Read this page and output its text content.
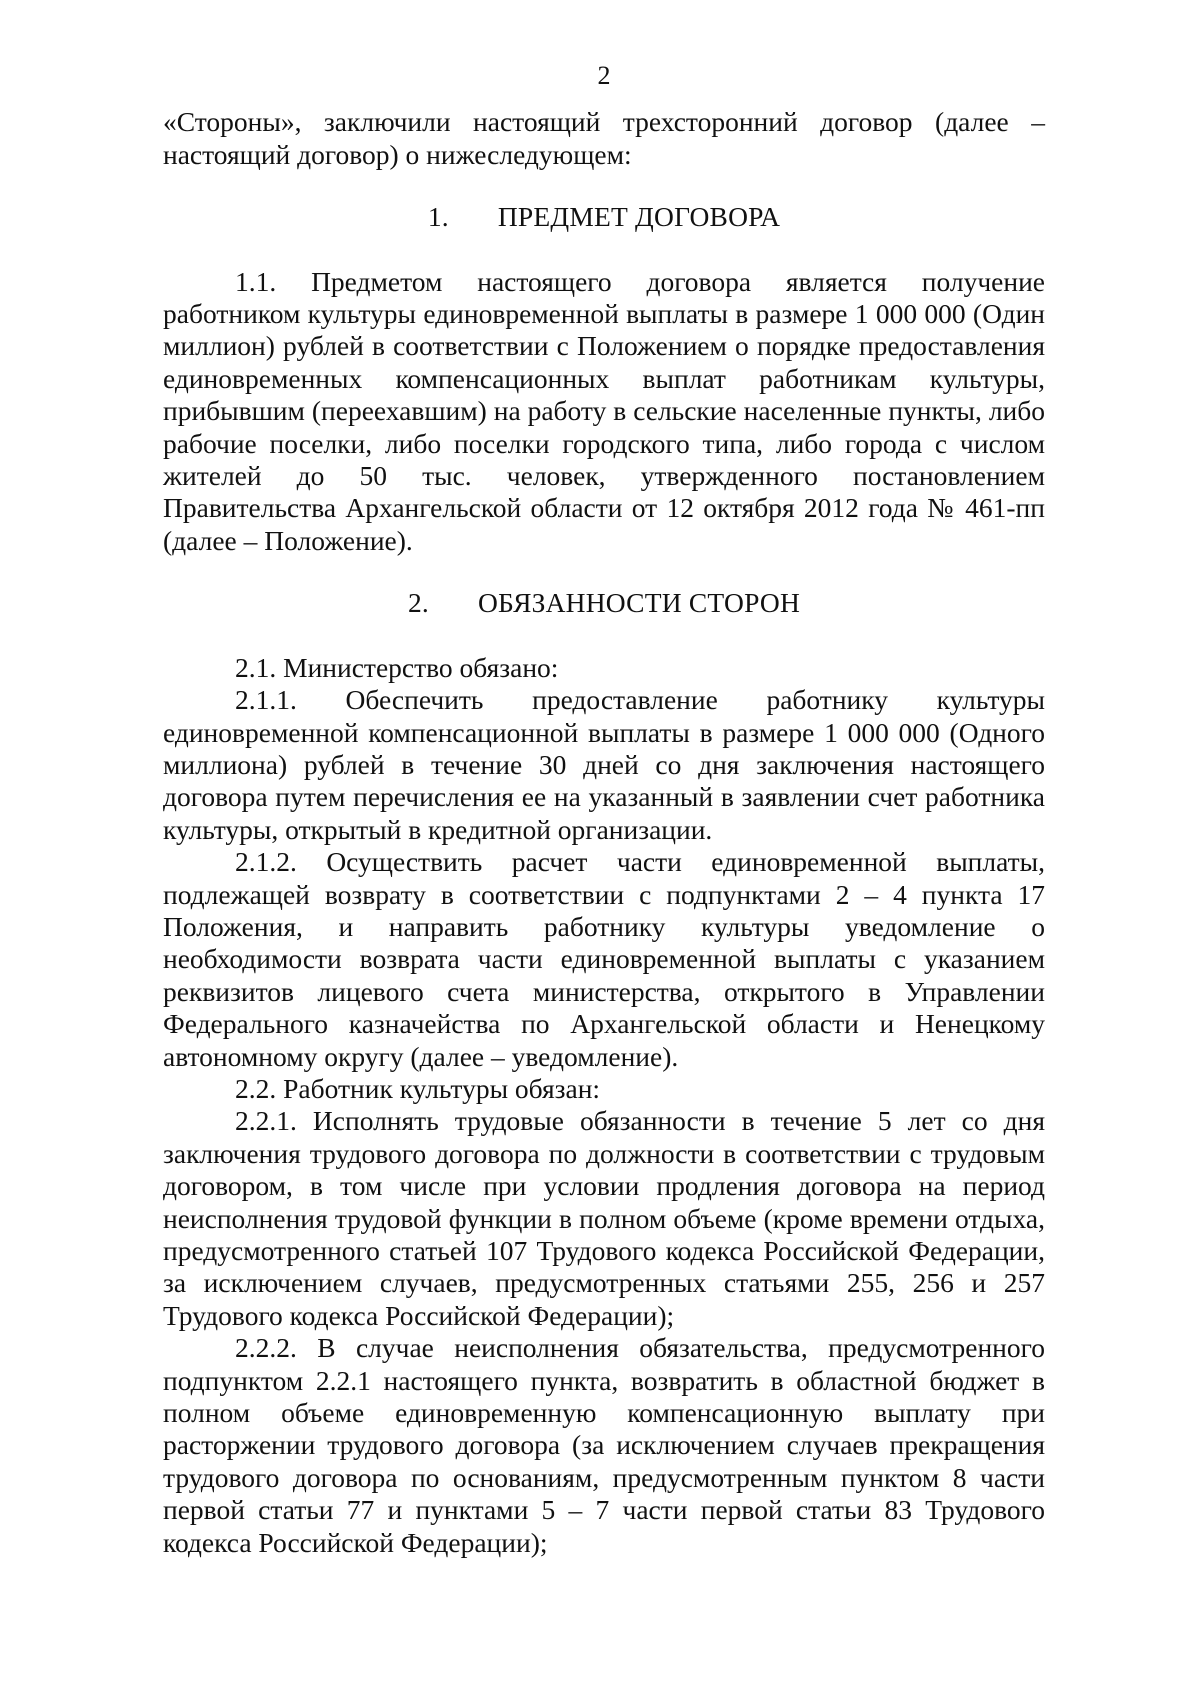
2

«Стороны», заключили настоящий трехсторонний договор (далее – настоящий договор) о нижеследующем:

1. ПРЕДМЕТ ДОГОВОРА

1.1. Предметом настоящего договора является получение работником культуры единовременной выплаты в размере 1 000 000 (Один миллион) рублей в соответствии с Положением о порядке предоставления единовременных компенсационных выплат работникам культуры, прибывшим (переехавшим) на работу в сельские населенные пункты, либо рабочие поселки, либо поселки городского типа, либо города с числом жителей до 50 тыс. человек, утвержденного постановлением Правительства Архангельской области от 12 октября 2012 года № 461-пп (далее – Положение).

2. ОБЯЗАННОСТИ СТОРОН

2.1. Министерство обязано:

2.1.1. Обеспечить предоставление работнику культуры единовременной компенсационной выплаты в размере 1 000 000 (Одного миллиона) рублей в течение 30 дней со дня заключения настоящего договора путем перечисления ее на указанный в заявлении счет работника культуры, открытый в кредитной организации.

2.1.2. Осуществить расчет части единовременной выплаты, подлежащей возврату в соответствии с подпунктами 2 – 4 пункта 17 Положения, и направить работнику культуры уведомление о необходимости возврата части единовременной выплаты с указанием реквизитов лицевого счета министерства, открытого в Управлении Федерального казначейства по Архангельской области и Ненецкому автономному округу (далее – уведомление).

2.2. Работник культуры обязан:

2.2.1. Исполнять трудовые обязанности в течение 5 лет со дня заключения трудового договора по должности в соответствии с трудовым договором, в том числе при условии продления договора на период неисполнения трудовой функции в полном объеме (кроме времени отдыха, предусмотренного статьей 107 Трудового кодекса Российской Федерации, за исключением случаев, предусмотренных статьями 255, 256 и 257 Трудового кодекса Российской Федерации);

2.2.2. В случае неисполнения обязательства, предусмотренного подпунктом 2.2.1 настоящего пункта, возвратить в областной бюджет в полном объеме единовременную компенсационную выплату при расторжении трудового договора (за исключением случаев прекращения трудового договора по основаниям, предусмотренным пунктом 8 части первой статьи 77 и пунктами 5 – 7 части первой статьи 83 Трудового кодекса Российской Федерации);
